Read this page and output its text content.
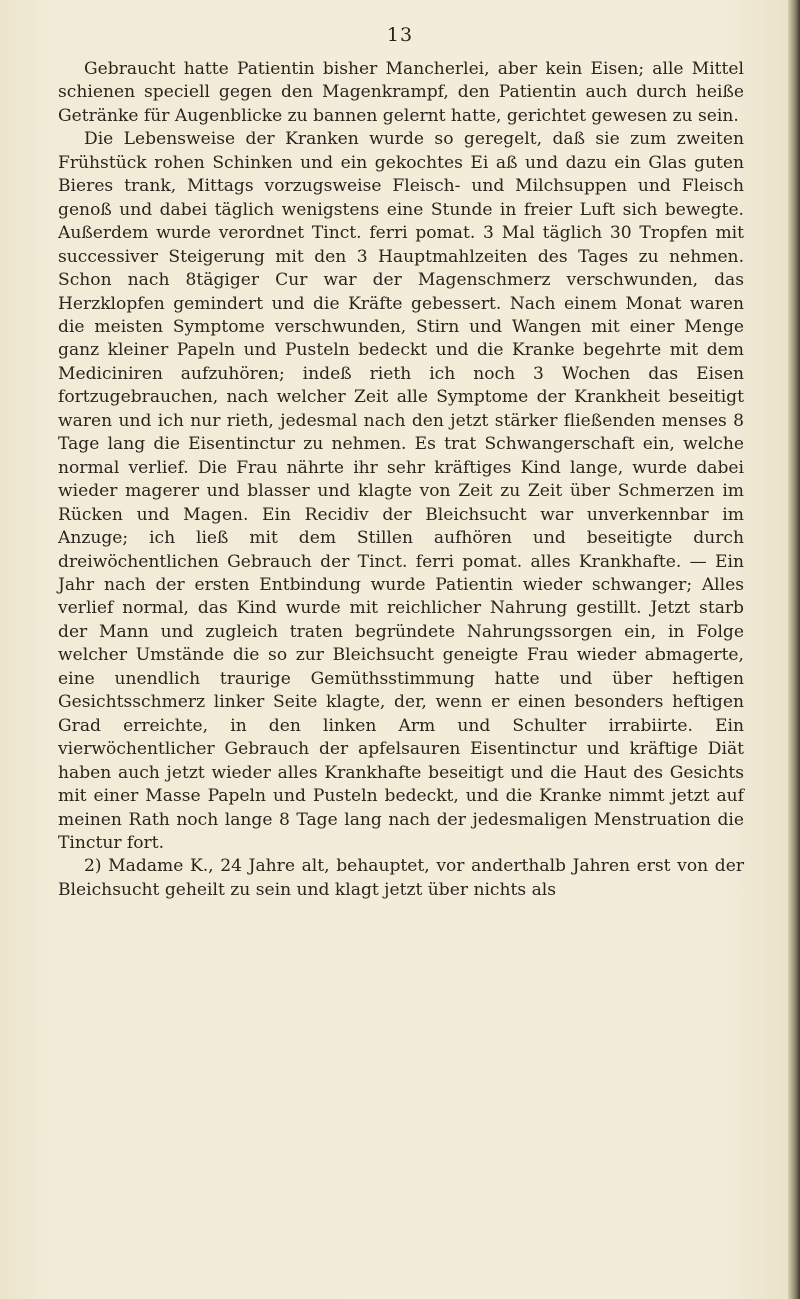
13

Gebraucht hatte Patientin bisher Mancherlei, aber kein Eisen; alle Mittel schienen speciell gegen den Magenkrampf, den Patientin auch durch heiße Getränke für Augenblicke zu bannen gelernt hatte, gerichtet gewesen zu sein.

Die Lebensweise der Kranken wurde so geregelt, daß sie zum zweiten Frühstück rohen Schinken und ein gekochtes Ei aß und dazu ein Glas guten Bieres trank, Mittags vorzugsweise Fleisch- und Milchsuppen und Fleisch genoß und dabei täglich wenigstens eine Stunde in freier Luft sich bewegte. Außerdem wurde verordnet Tinct. ferri pomat. 3 Mal täglich 30 Tropfen mit successiver Steigerung mit den 3 Hauptmahlzeiten des Tages zu nehmen. Schon nach 8tägiger Cur war der Magenschmerz verschwunden, das Herzklopfen gemindert und die Kräfte gebessert. Nach einem Monat waren die meisten Symptome verschwunden, Stirn und Wangen mit einer Menge ganz kleiner Papeln und Pusteln bedeckt und die Kranke begehrte mit dem Mediciniren aufzuhören; indeß rieth ich noch 3 Wochen das Eisen fortzugebrauchen, nach welcher Zeit alle Symptome der Krankheit beseitigt waren und ich nur rieth, jedesmal nach den jetzt stärker fließenden menses 8 Tage lang die Eisentinctur zu nehmen. Es trat Schwangerschaft ein, welche normal verlief. Die Frau nährte ihr sehr kräftiges Kind lange, wurde dabei wieder magerer und blasser und klagte von Zeit zu Zeit über Schmerzen im Rücken und Magen. Ein Recidiv der Bleichsucht war unverkennbar im Anzuge; ich ließ mit dem Stillen aufhören und beseitigte durch dreiwöchentlichen Gebrauch der Tinct. ferri pomat. alles Krankhafte. — Ein Jahr nach der ersten Entbindung wurde Patientin wieder schwanger; Alles verlief normal, das Kind wurde mit reichlicher Nahrung gestillt. Jetzt starb der Mann und zugleich traten begründete Nahrungssorgen ein, in Folge welcher Umstände die so zur Bleichsucht geneigte Frau wieder abmagerte, eine unendlich traurige Gemüthsstimmung hatte und über heftigen Gesichtsschmerz linker Seite klagte, der, wenn er einen besonders heftigen Grad erreichte, in den linken Arm und Schulter irrabiirte. Ein vierwöchentlicher Gebrauch der apfelsauren Eisentinctur und kräftige Diät haben auch jetzt wieder alles Krankhafte beseitigt und die Haut des Gesichts mit einer Masse Papeln und Pusteln bedeckt, und die Kranke nimmt jetzt auf meinen Rath noch lange 8 Tage lang nach der jedesmaligen Menstruation die Tinctur fort.

2) Madame K., 24 Jahre alt, behauptet, vor anderthalb Jahren erst von der Bleichsucht geheilt zu sein und klagt jetzt über nichts als
